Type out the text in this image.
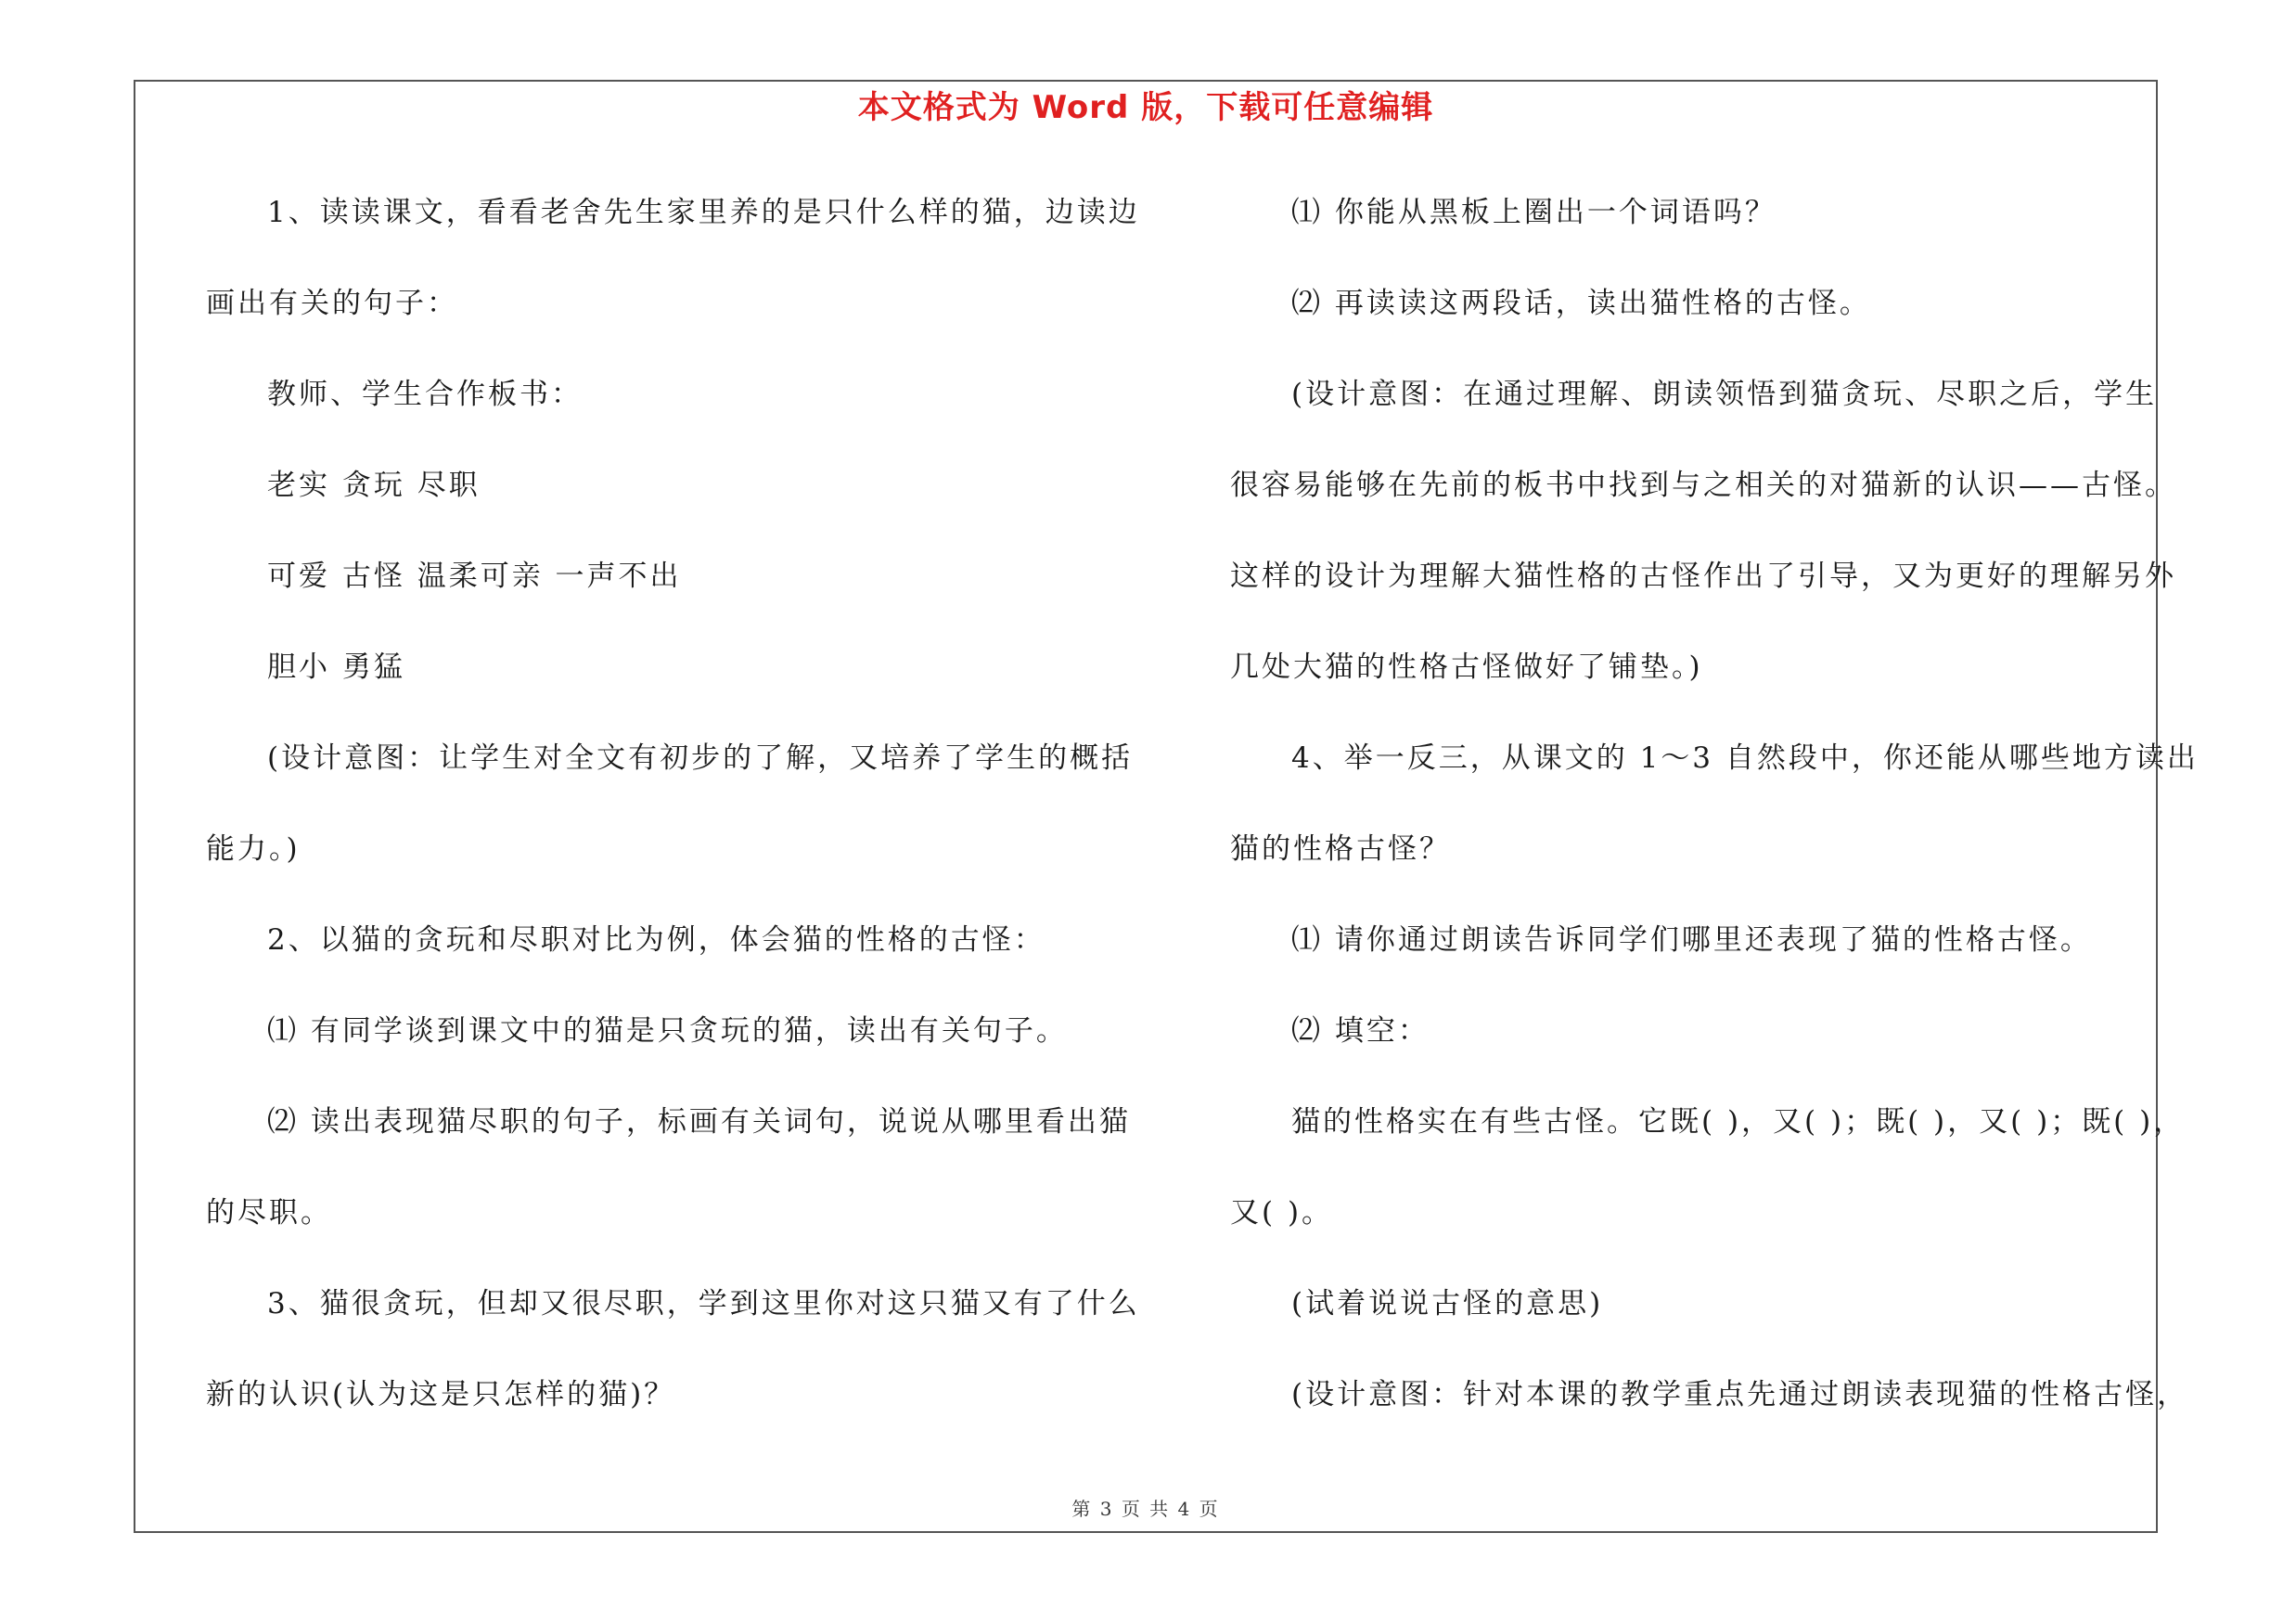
本文格式为 Word 版，下载可任意编辑
1、读读课文，看看老舍先生家里养的是只什么样的猫，边读边
画出有关的句子：
教师、学生合作板书：
老实 贪玩 尽职
可爱 古怪 温柔可亲 一声不出
胆小 勇猛
(设计意图：让学生对全文有初步的了解，又培养了学生的概括
能力。)
2、以猫的贪玩和尽职对比为例，体会猫的性格的古怪：
⑴ 有同学谈到课文中的猫是只贪玩的猫，读出有关句子。
⑵ 读出表现猫尽职的句子，标画有关词句，说说从哪里看出猫
的尽职。
3、猫很贪玩，但却又很尽职，学到这里你对这只猫又有了什么
新的认识(认为这是只怎样的猫)？
⑴ 你能从黑板上圈出一个词语吗？
⑵ 再读读这两段话，读出猫性格的古怪。
(设计意图：在通过理解、朗读领悟到猫贪玩、尽职之后，学生
很容易能够在先前的板书中找到与之相关的对猫新的认识——古怪。
这样的设计为理解大猫性格的古怪作出了引导，又为更好的理解另外
几处大猫的性格古怪做好了铺垫。)
4、举一反三，从课文的 1～3 自然段中，你还能从哪些地方读出
猫的性格古怪？
⑴ 请你通过朗读告诉同学们哪里还表现了猫的性格古怪。
⑵ 填空：
猫的性格实在有些古怪。它既( )，又( )；既( )，又( )；既( )，
又( )。
(试着说说古怪的意思)
(设计意图：针对本课的教学重点先通过朗读表现猫的性格古怪，
第 3 页 共 4 页
